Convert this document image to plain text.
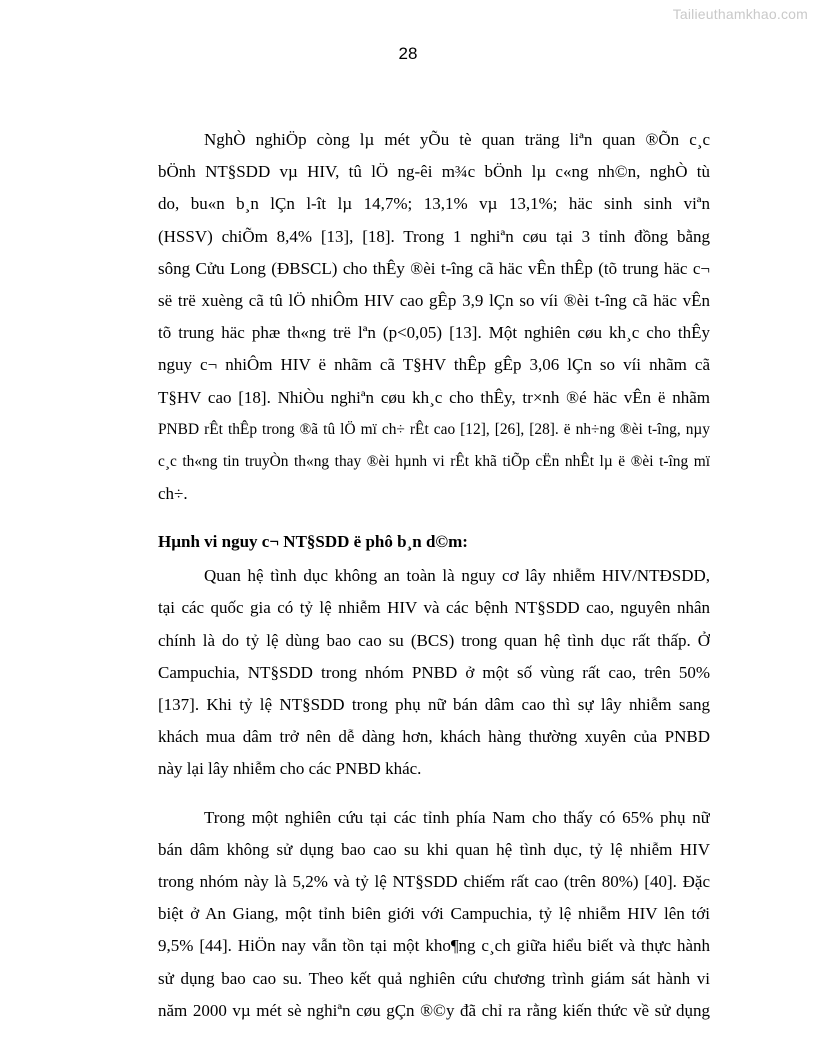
Tailieuthamkhao.com
28
NghÒ nghiÖp còng lµ mét yÕu tè quan träng liªn quan ®Õn c¸c
bÖnh NT§SDD vµ HIV, tû lÖ ng-êi m¾c bÖnh lµ c«ng nh©n, nghÒ tù
do, bu«n b¸n lÇn l-ît lµ 14,7%; 13,1% vµ 13,1%; häc sinh sinh viªn
(HSSV) chiÕm 8,4% [13], [18]. Trong 1 nghiªn cøu tại 3 tỉnh đồng bằng
sông Cửu Long (ĐBSCL) cho thÊy ®èi t-îng cã häc vÊn thÊp (tõ trung häc c¬
së trë xuèng cã tû lÖ nhiÔm HIV cao gÊp 3,9 lÇn so víi ®èi t-îng cã häc vÊn
tõ trung häc phæ th«ng trë lªn (p<0,05) [13]. Một nghiên cøu kh¸c cho thÊy
nguy c¬ nhiÔm HIV ë nhãm cã T§HV thÊp gÊp 3,06 lÇn so víi nhãm cã
T§HV cao [18]. NhiÒu nghiªn cøu kh¸c cho thÊy, tr×nh ®é häc vÊn ë nhãm
PNBD rÊt thÊp trong ®ã tû lÖ mï ch÷ rÊt cao [12], [26], [28]. ë nh÷ng ®èi t-îng, nµy
c¸c th«ng tin truyÒn th«ng thay ®èi hµnh vi rÊt khã tiÕp cËn nhÊt lµ ë ®èi t-îng mï
ch÷.
Hµnh vi nguy c¬ NT§SDD ë phô b¸n d©m:
Quan hệ tình dục không an toàn là nguy cơ lây nhiễm HIV/NTĐSDD,
tại các quốc gia có tỷ lệ nhiễm HIV và các bệnh NT§SDD cao, nguyên nhân
chính là do tỷ lệ dùng bao cao su (BCS) trong quan hệ tình dục rất thấp. Ở
Campuchia, NT§SDD trong nhóm PNBD ở một số vùng rất cao, trên 50%
[137]. Khi tỷ lệ NT§SDD trong phụ nữ bán dâm cao thì sự lây nhiễm sang
khách mua dâm trở nên dễ dàng hơn, khách hàng thường xuyên của PNBD
này lại lây nhiễm cho các PNBD khác.
Trong một nghiên cứu tại các tỉnh phía Nam cho thấy có 65% phụ nữ
bán dâm không sử dụng bao cao su khi quan hệ tình dục, tỷ lệ nhiễm HIV
trong nhóm này là 5,2% và tỷ lệ NT§SDD chiếm rất cao (trên 80%) [40]. Đặc
biệt ở An Giang, một tỉnh biên giới với Campuchia, tỷ lệ nhiễm HIV lên tới
9,5% [44]. HiÖn nay vẫn tồn tại một kho¶ng c¸ch giữa hiểu biết và thực hành
sử dụng bao cao su. Theo kết quả nghiên cứu chương trình giám sát hành vi
năm 2000 vµ mét sè nghiªn cøu gÇn ®©y đã chỉ ra rằng kiến thức về sử dụng
